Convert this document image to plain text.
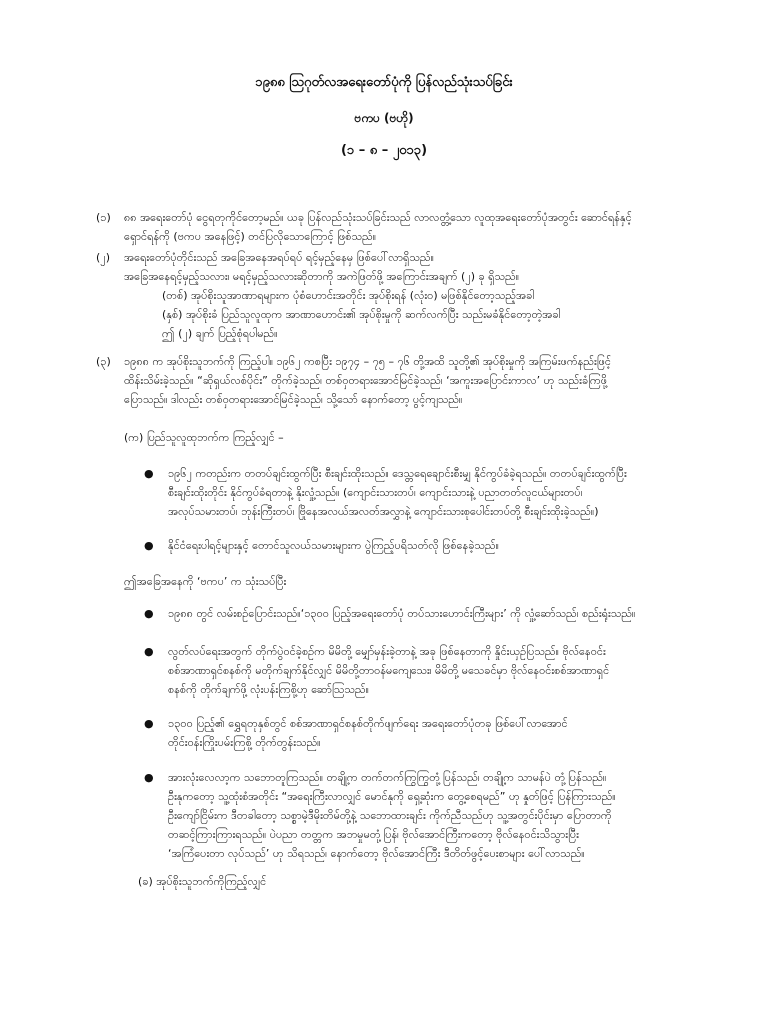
၁၉၈၈ ဩဂုတ်လအရေးတော်ပုံကို ပြန်လည်သုံးသပ်ခြင်း
ဗကပ (ဗဟို)
(၁ – ၈ – ၂၀၁၃)
(၁) ၈၈ အရေးတော်ပုံ ငွေရတုကိုင်တော့မည်။ ယခု ပြန်လည်သုံးသပ်ခြင်းသည် လာလတ္တံ့သော လူထုအရေးတော်ပုံအတွင်း ဆောင်ရန်နှင့်
ရှောင်ရန်ကို (ဗကပ အနေဖြင့်) တင်ပြလိုသောကြောင့် ဖြစ်သည်။
(၂) အရေးတော်ပုံတိုင်းသည် အခြေအနေအရပ်ရပ် ရင့်မှည့်နေမှ ဖြစ်ပေါ်လာရှိသည်။
အခြေအနေရင့်မှည့်သလား၊ မရင့်မှည့်သလားဆိုတာကို အကဲဖြတ်ဖို့ အကြောင်းအချက် (၂) ခု ရှိသည်။
(တစ်) အုပ်စိုးသူအာဏာရများက ပုံစံဟောင်းအတိုင်း အုပ်စိုးရန် (လုံး၀) မဖြစ်နိုင်တော့သည့်အခါ
(နှစ်) အုပ်စိုးခံ ပြည်သူလူထုက အာဏာဟောင်း၏ အုပ်စိုးမှုကို ဆက်လက်ပြီး သည်းမခံနိုင်တော့တဲ့အခါ
ဤ (၂) ချက် ပြည့်စုံရပါမည်။
(၃) ၁၉၈၈ က အုပ်စိုးသူဘက်ကို ကြည့်ပါ။ ၁၉၆၂ ကစပြီး ၁၉၇၄ – ၇၅ – ၇၆ တို့အထိ သူတို့၏ အုပ်စိုးမှုကို အကြမ်းဖက်နည်းဖြင့်
ထိန်းသိမ်းခဲ့သည်။ “ဆိုရှယ်လစ်ပိုင်း” တိုက်ခဲ့သည်၊ တစ်ဝှတရားအောင်မြင်ခဲ့သည်၊ ‘အကူးအပြောင်းကာလ’ ဟု သည်းခံကြဖို့
ပြောသည်။ ဒါလည်း တစ်ဝှတရားအောင်မြင်ခဲ့သည်၊ သို့သော် နောက်တော့ ပွင့်ကျသည်။
(က) ပြည်သူလူထုဘက်က ကြည့်လျှင် –
● ၁၉၆၂ ကတည်းက တတပ်ချင်းထွက်ပြီး စီးချင်းထိုးသည်။ ဒေသ္တရေချောင်းစီးမျှ နိုင်ကွပ်ခံခဲ့ရသည်။ တတပ်ချင်းထွက်ပြီး
စီးချင်းထိုးတိုင်း နိုင်ကွပ်ခံရတာနဲ့ နိုးလှုံ့သည်။ (ကျောင်းသားတပ်၊ ကျောင်းသားနဲ့ ပညာတတ်လူငယ်များတပ်၊
အလုပ်သမားတပ်၊ ဘုန်းကြီးတပ်၊ ဗြိုနေအလယ်အလတ်အလွှာနဲ့ ကျောင်းသားစုပေါင်းတပ်တို့ စီးချင်းထိုးခဲ့သည်။)
● နိုင်ငံရေးပါရင့်များနှင့် တောင်သူလယ်သမားများက ပွဲကြည့်ပရိသတ်လို ဖြစ်နေခဲ့သည်။
ဤအခြေအနေကို ‘ဗကပ’ က သုံးသပ်ပြီး
● ၁၉၈၈ တွင် လမ်းစဉ်ပြောင်းသည်။‘၁၃၀၀ ပြည့်အရေးတော်ပုံ တပ်သားဟောင်းကြီးများ’ ကို လှုံ့ဆော်သည်၊ စည်းရုံးသည်။
● လွတ်လပ်ရေးအတွက် တိုက်ပွဲဝင်ခဲ့စဉ်က မိမိတို့ မျှော်မှန်းခဲ့တာနဲ့ အခု ဖြစ်နေတာကို နှိုင်းယှဉ်ပြသည်။ ဗိုလ်နေဝင်း
စစ်အာဏာရှင်စနစ်ကို မတိုက်ချက်နိုင်လျှင် မိမိတို့တာဝန်မကျေသေး၊ မိမိတို့ မသေခင်မှာ ဗိုလ်နေဝင်းစစ်အာဏာရှင်
စနစ်ကို တိုက်ချက်ဖို့ လုံးပန်းကြစို့ဟု ဆော်ဩသည်။
● ၁၃၀၀ ပြည့်၏ ရွှေရတုနှစ်တွင် စစ်အာဏာရှင်စနစ်တိုက်ဖျက်ရေး အရေးတော်ပုံတခု ဖြစ်ပေါ်လာအောင်
တိုင်းဝန်းကြိုးပမ်းကြစို့ တိုက်တွန်းသည်။
● အားလုံးလေလာ့က သဘောတူကြသည်။ တချို့က တက်တက်ကြွကြွတုံ့ပြန်သည်၊ တချို့က သာမန်ပဲ တုံ့ပြန်သည်။
ဦးနုကတော့ သူ့ထုံးစံအတိုင်း “အရေးကြီးလာလျှင် မောင်နုကို ရှေ့ဆုံးက တွေ့စေရမည်” ဟု နှုတ်ဖြင့် ပြန်ကြားသည်။
ဦးကျော်ငြိမ်းက ဒီတခါတော့ သစ္စာမဲ့ဒီမိုးတိမ်တို့နဲ့ သဘောထားချင်း ကိုက်ညီသည်ဟု သူ့အတွင်းပိုင်းမှာ ပြောတာကို
တဆင့်ကြားကြားရသည်။ ပဲပညာ တတ္တက အဘမှုမတုံ့ပြန်၊ ဗိုလ်အောင်ကြီးကတော့ ဗိုလ်နေဝင်းသိသွားပြီး
‘အကြံပေးတာ လုပ်သည်’ ဟု သိရသည်၊ နောက်တော့ ဗိုလ်အောင်ကြီး ဒီတိတ်ဖွင့်ပေးစာများ ပေါ်လာသည်။
(ခ) အုပ်စိုးသူဘက်ကိုကြည့်လျှင်
